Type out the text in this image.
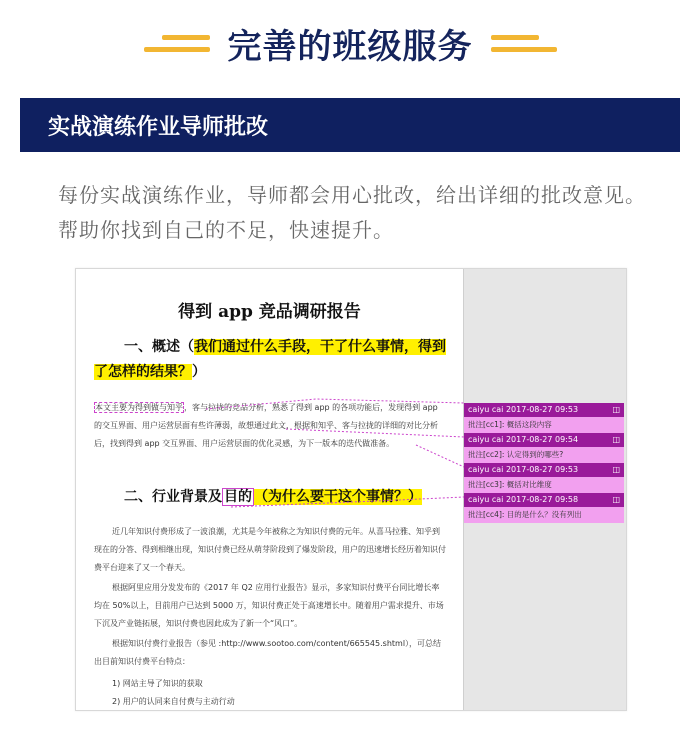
完善的班级服务
实战演练作业导师批改
每份实战演练作业，导师都会用心批改，给出详细的批改意见。帮助你找到自己的不足，快速提升。
得到 app 竞品调研报告
一、概述（我们通过什么手段，干了什么事情，得到了怎样的结果？）
本文主要为得到做与知乎，客与拉拢的竞品分析，熟悉了得到 app 的各项功能后，发现得到 app 的交互界面、用户运营层面有些许薄弱，故想通过此文，根据和知乎、客与拉拢的详细的对比分析后，找到得到 app 交互界面、用户运营层面的优化灵感，为下一版本的迭代做准备。
二、行业背景及 目的 （为什么要干这个事情？）
近几年知识付费形成了一波浪潮，尤其是今年被称之为知识付费的元年。从喜马拉雅、知乎到现在的分答、得到相继出现，知识付费已经从萌芽阶段到了爆发阶段，用户的迅速增长经历着知识付费平台迎来了又一个春天。
根据阿里应用分发发布的《2017 年 Q2 应用行业报告》显示，多家知识付费平台同比增长率均在 50%以上，目前用户已达到 5000 万，知识付费正处于高速增长中。随着用户需求提升、市场下沉及产业链拓展，知识付费也因此成为了新一个“风口”。
根据知识付费行业报告（参见 :http://www.sootoo.com/content/665545.shtml），可总结出目前知识付费平台特点：
1) 网站主导了知识的获取
2) 用户的认同来自付费与主动行动
caiyu cai 2017-08-27 09:53	◫
批注[cc1]: 概括这段内容
caiyu cai 2017-08-27 09:54	◫
批注[cc2]: 认定得到的哪些?
caiyu cai 2017-08-27 09:53	◫
批注[cc3]: 概括对比维度
caiyu cai 2017-08-27 09:58	◫
批注[cc4]: 目的是什么？没有列出
